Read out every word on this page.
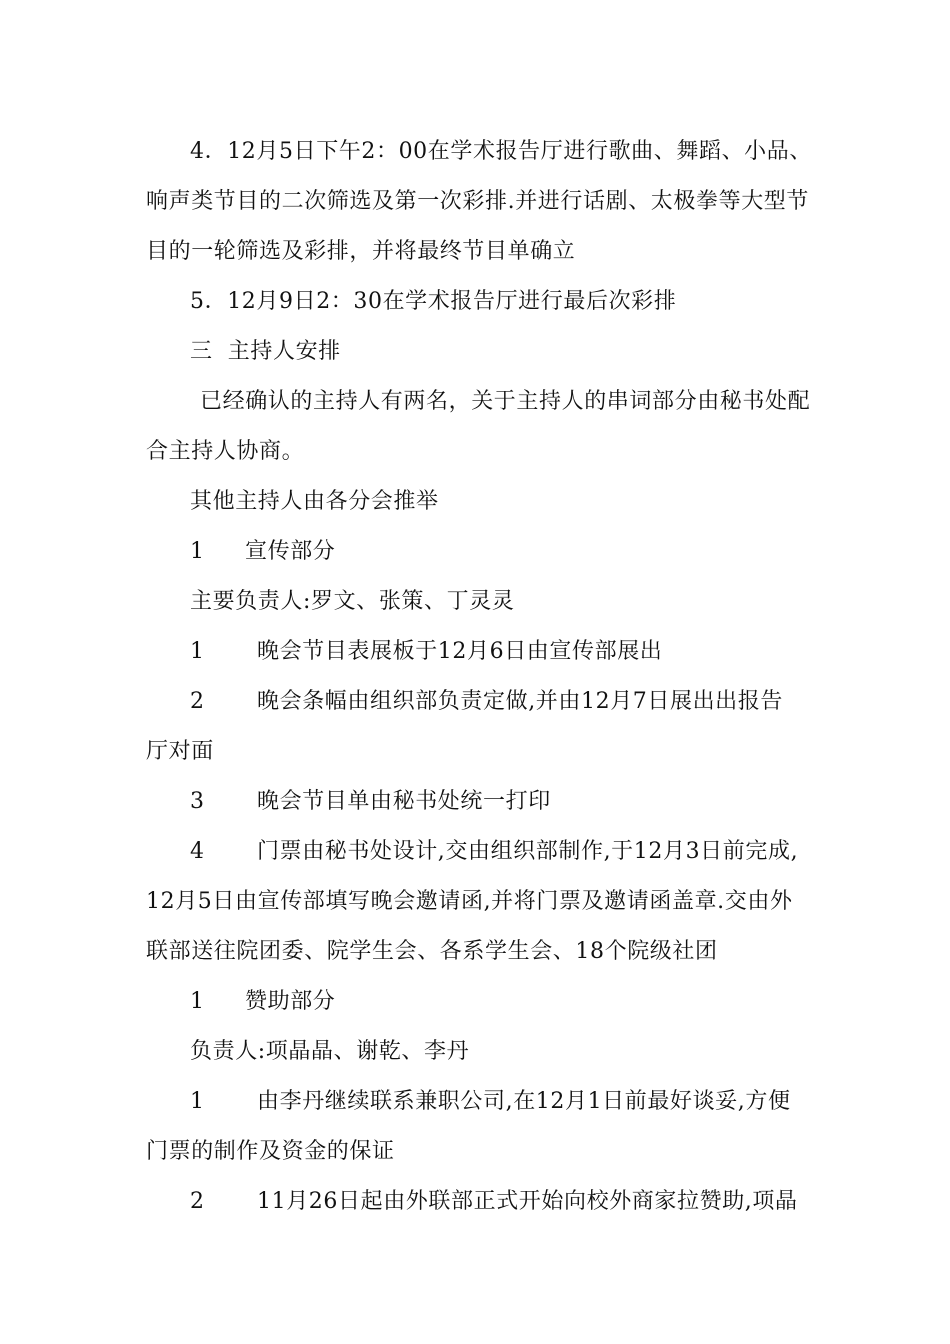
4．12月5日下午2：00在学术报告厅进行歌曲、舞蹈、小品、
响声类节目的二次筛选及第一次彩排.并进行话剧、太极拳等大型节
目的一轮筛选及彩排，并将最终节目单确立
5．12月9日2：30在学术报告厅进行最后次彩排
三  主持人安排
已经确认的主持人有两名，关于主持人的串词部分由秘书处配
合主持人协商。
其他主持人由各分会推举
1 宣传部分
主要负责人:罗文、张策、丁灵灵
1 晚会节目表展板于12月6日由宣传部展出
2 晚会条幅由组织部负责定做,并由12月7日展出出报告
厅对面
3 晚会节目单由秘书处统一打印
4 门票由秘书处设计,交由组织部制作,于12月3日前完成,
12月5日由宣传部填写晚会邀请函,并将门票及邀请函盖章.交由外
联部送往院团委、院学生会、各系学生会、18个院级社团
1 赞助部分
负责人:项晶晶、谢乾、李丹
1 由李丹继续联系兼职公司,在12月1日前最好谈妥,方便
门票的制作及资金的保证
2 11月26日起由外联部正式开始向校外商家拉赞助,项晶
